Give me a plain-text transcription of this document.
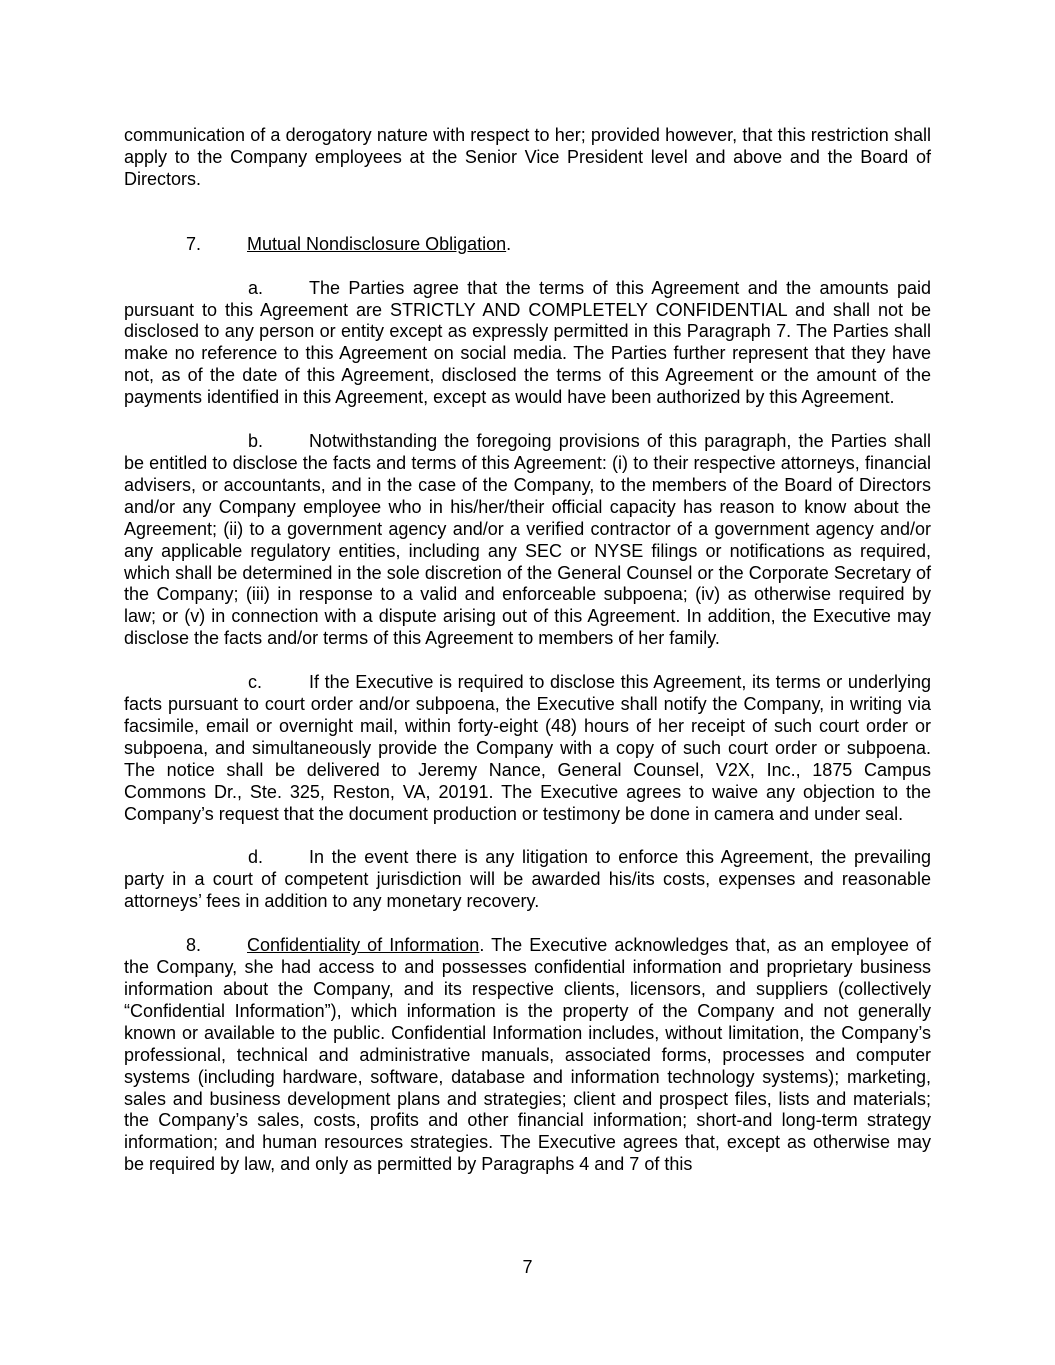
communication of a derogatory nature with respect to her; provided however, that this restriction shall apply to the Company employees at the Senior Vice President level and above and the Board of Directors.

7.	Mutual Nondisclosure Obligation.

a.	The Parties agree that the terms of this Agreement and the amounts paid pursuant to this Agreement are STRICTLY AND COMPLETELY CONFIDENTIAL and shall not be disclosed to any person or entity except as expressly permitted in this Paragraph 7. The Parties shall make no reference to this Agreement on social media. The Parties further represent that they have not, as of the date of this Agreement, disclosed the terms of this Agreement or the amount of the payments identified in this Agreement, except as would have been authorized by this Agreement.

b.	Notwithstanding the foregoing provisions of this paragraph, the Parties shall be entitled to disclose the facts and terms of this Agreement: (i) to their respective attorneys, financial advisers, or accountants, and in the case of the Company, to the members of the Board of Directors and/or any Company employee who in his/her/their official capacity has reason to know about the Agreement; (ii) to a government agency and/or a verified contractor of a government agency and/or any applicable regulatory entities, including any SEC or NYSE filings or notifications as required, which shall be determined in the sole discretion of the General Counsel or the Corporate Secretary of the Company; (iii) in response to a valid and enforceable subpoena; (iv) as otherwise required by law; or (v) in connection with a dispute arising out of this Agreement. In addition, the Executive may disclose the facts and/or terms of this Agreement to members of her family.

c.	If the Executive is required to disclose this Agreement, its terms or underlying facts pursuant to court order and/or subpoena, the Executive shall notify the Company, in writing via facsimile, email or overnight mail, within forty-eight (48) hours of her receipt of such court order or subpoena, and simultaneously provide the Company with a copy of such court order or subpoena. The notice shall be delivered to Jeremy Nance, General Counsel, V2X, Inc., 1875 Campus Commons Dr., Ste. 325, Reston, VA, 20191. The Executive agrees to waive any objection to the Company’s request that the document production or testimony be done in camera and under seal.

d.	In the event there is any litigation to enforce this Agreement, the prevailing party in a court of competent jurisdiction will be awarded his/its costs, expenses and reasonable attorneys’ fees in addition to any monetary recovery.

8.	Confidentiality of Information. The Executive acknowledges that, as an employee of the Company, she had access to and possesses confidential information and proprietary business information about the Company, and its respective clients, licensors, and suppliers (collectively “Confidential Information”), which information is the property of the Company and not generally known or available to the public. Confidential Information includes, without limitation, the Company’s professional, technical and administrative manuals, associated forms, processes and computer systems (including hardware, software, database and information technology systems); marketing, sales and business development plans and strategies; client and prospect files, lists and materials; the Company’s sales, costs, profits and other financial information; short-and long-term strategy information; and human resources strategies. The Executive agrees that, except as otherwise may be required by law, and only as permitted by Paragraphs 4 and 7 of this

7
